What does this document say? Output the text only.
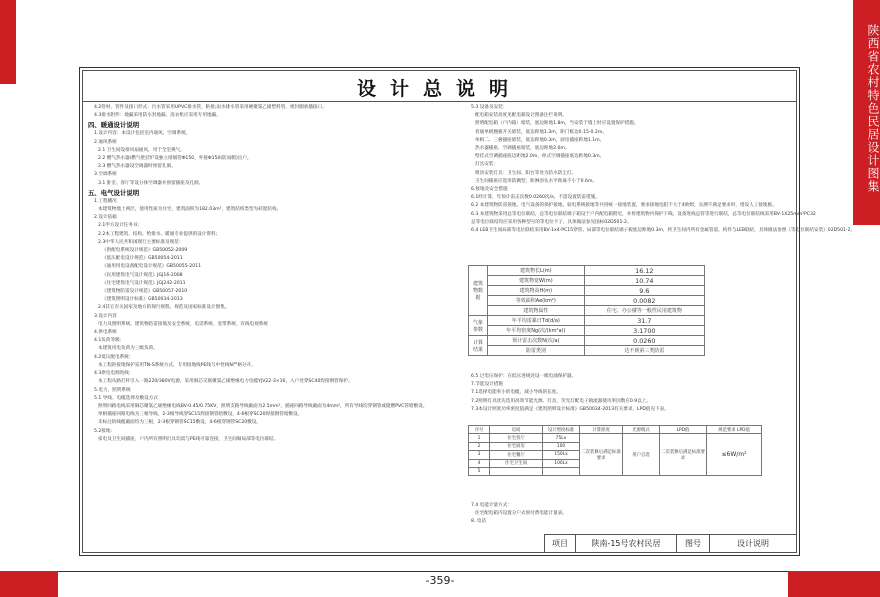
陕西省农村特色民居设计图集
-359-
设计总说明
4.2管材、管件及接口形式：污水管采用UPVC排水管，粘接;雨水排水管采用硬聚氯乙烯塑料管，密封圈承插接口。
4.3排水附件：地漏采用防水封地漏，洗衣机应采用专用地漏。
四、暖通设计说明
1.设计内容：本设计包括室内通风、空调系统。
2.通风系统
2.1 卫生间设排风扇通风，用于全室换气。
2.2 燃气热水器/燃气壁挂炉设独立排烟管Φ150，外接Φ150(防雨帽)出户。
2.3 燃气热水器设空调器时预留孔洞。
3.空调系统
3.1 卧室、客厅等设分体空调器并预留插座及孔洞。
五、电气设计说明
1.工程概况
本建筑物地上两层，使用性质为住宅，建筑面积为182.03m²，建筑结构类型为砖混结构。
2.设计依据
2.1甲方设计任务书；
2.2本工程建筑、结构、给排水、暖通专业提供的设计资料；
2.3中华人民共和国现行主要标准及规范：
《供配电系统设计规范》GB50052-2009
《低压配电设计规范》GB50054-2011
《通用用电设备配电设计规范》GB50055-2011
《民用建筑电气设计规范》JGJ16-2008
《住宅建筑电气设计规范》JGJ242-2011
《建筑物防雷设计规范》GB50057-2010
《建筑照明设计标准》GB50034-2013
2.4其它有关国家及地方的现行规程、规范及国家标准设计图集。
3.设计内容
电力及照明系统、建筑物防雷接地及安全系统，电话系统、宽带系统、有线电视系统
4.供电系统
4.1负荷等级：
本建筑用电负荷为三级负荷。
4.2低压配电系统：
本工程的接地保护采用TN-S系统方式，专用接地线PE线与中性线N严格分开。
4.3供电电源进线：
本工程从路灯杆引入一路220/380V电源，采用铜芯交联聚氯乙烯绝缘电力电缆YJV22-3×16，入户处穿SC40焊接钢管保护。
5.电力、照明系统
5.1 导线、电缆选择及敷设方式：
照明回路电线采用铜芯聚氯乙烯绝缘电线BV-0.45/0.75KV，照明支路导线截面为2.5mm²，插座回路导线截面为4mm²，所有导线均穿钢管或阻燃PVC管暗敷设。
单相插座回路电线为三根导线，2-3根导线穿SC15焊接钢管暗敷设，4-6根穿SC20焊接钢管暗敷设。
未标注的线缆截面均为三根，2-3根穿钢管SC15敷设，4-6根穿钢管SC20敷设。
5.2接地：
家电及卫生间插座，户内所有照明灯具均需与PE线可靠连接，卫生间做局部等电位联结。
5.3 设备及安装：
配电箱安装高度见配电箱设计图备注栏说明。
照明配电箱（户内箱）暗装，底边距地1.8m，当安装于墙上时应设置保护措施。
普通单极翘板开关暗装，底边距地1.3m，距门框边0.15-0.2m。
单相二、三极插座暗装，底边距地0.3m，厨房插座距地1.1m。
热水器插座、空调插座暗装，底边距地2.0m。
壁挂式空调插座底边距地2.0m，柜式空调插座底边距地0.3m。
灯具安装：
吸顶安装灯具：卫生间、阳台等处为防水防尘灯。
卫生间插座应选用防溅型，距淋浴头水平距离不小于0.6m。
6.接地及安全措施
6.1经计算，年预计雷击次数0.0260次/a，不需设置防雷措施。
6.2 本建筑物防雷接地、电气设备的保护接地、弱电系统接地等共用统一接地装置，要求接地电阻不大于4欧姆，实测不满足要求时，增设人工接地极。
6.3 本建筑物采用总等电位联结，总等电位联结端子箱设于户内配电箱附近，并将建筑物内保护干线、设备进线总管等进行联结，总等电位联结线采用BV-1X25mm²PC32
总等电位联结均应采用各种型号的等电位卡子，具体做法参见国标02D501-2。
6.4 LEB卫生间局部等电位联结采用BV-1x4-PC15穿管。局部等电位联结端子板底边距地0.3m，将卫生间内所有金属管道、构件与LEB联结，具体做法参照《等电位联结安装》02D501-2。
建筑物数据	建筑物长L(m)	16.12
	建筑物宽W(m)	10.74
	建筑物高H(m)	9.6
	等效面积Ae(km²)	0.0082
	建筑物属性	住宅、办公楼等一般性民用建筑物
气象参数	年平均雷暴日Td(d/a)	31.7
	年平均密度Ng(次/(km²a))	3.1700
计算结果	预计雷击次数N(次/a)	0.0260
	防雷类别	达不到第三类防雷
6.5 过电压保护：在低压进线处设一级电涌保护器。
7.节能设计措施
7.1选择电能率小的电缆，减小导线的长度。
7.2照明灯具优先选用高效节能光源、灯具，荧光灯配电子镇流器使功率因数在0.9以上。
7.3本设计照度功率密度值满足《建筑照明设计标准》GB50034-2013有关要求，LPD值见下表。
序号	房间	设计照度标准	计算照度	光源模式	LPD值	规范要求 LPD值
1	住宅客厅	75Lx	二次装修后满足标准要求	用户自选	二次装修后满足标准要求	≤6W/m²
2	住宅厨房	100				
3	住宅餐厅	150Lx				
4	住宅卫生间	100Lx				
5						
7.4 电能计量方式：
住宅配电箱内设置分户式预付费电能计量表。
8. 电话
项目	陕南-15号农村民居	图号	设计说明
